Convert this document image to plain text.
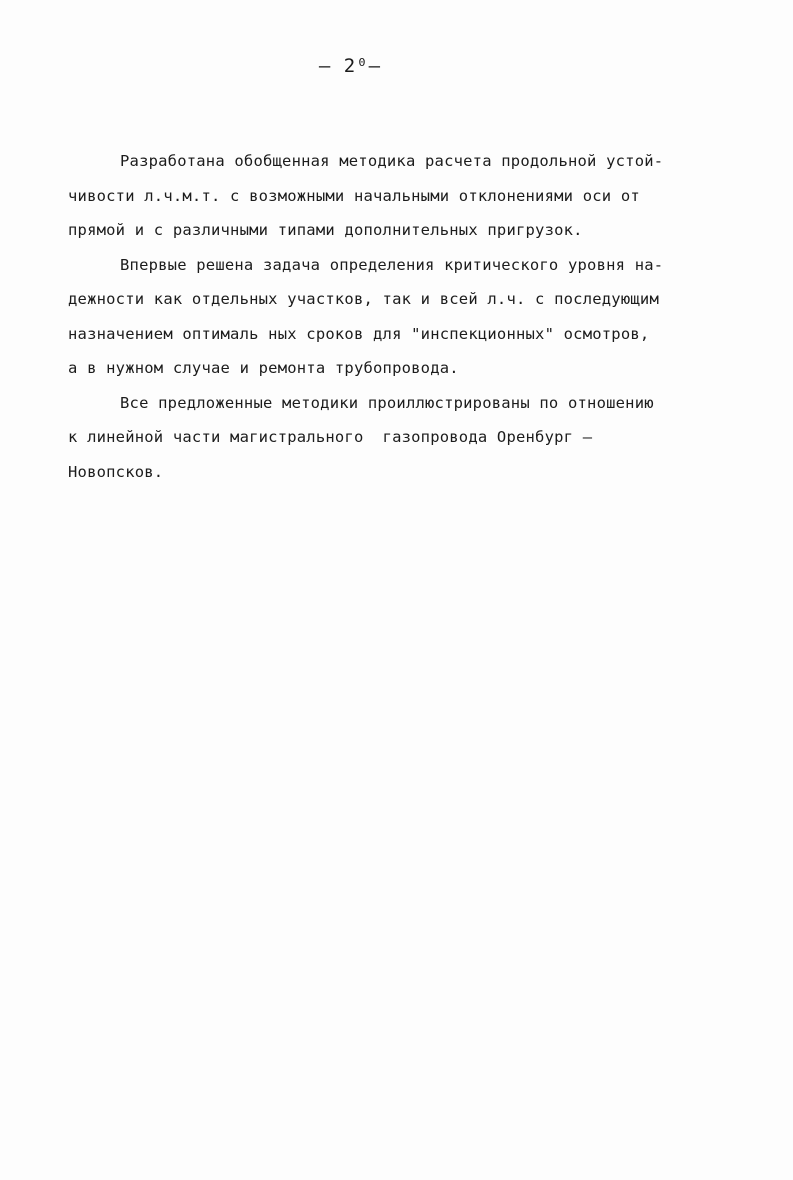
– 2⁰–
Разработана обобщенная методика расчета продольной устой-
чивости л.ч.м.т. с возможными начальными отклонениями оси от
прямой и с различными типами дополнительных пригрузок.
Впервые решена задача определения критического уровня на-
дежности как отдельных участков, так и всей л.ч. с последующим
назначением оптималь ных сроков для "инспекционных" осмотров,
а в нужном случае и ремонта трубопровода.
Все предложенные методики проиллюстрированы по отношению
к линейной части магистрального  газопровода Оренбург –
Новопсков.
